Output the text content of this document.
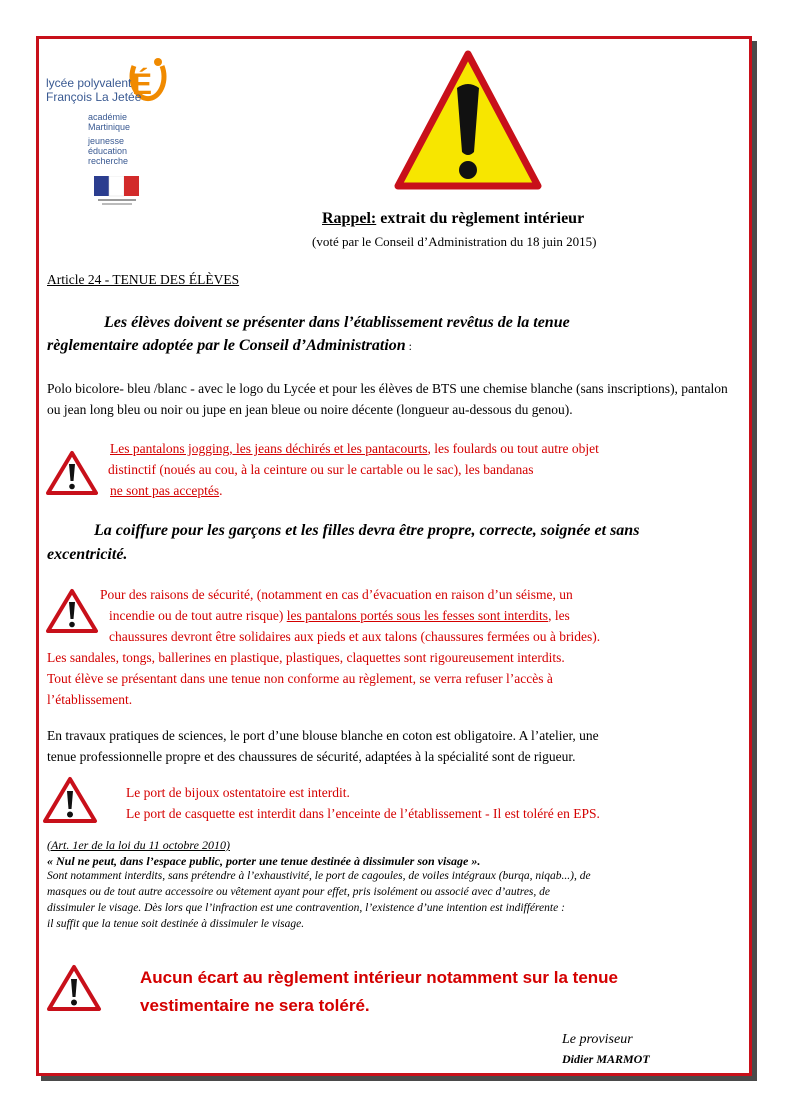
É
lycée polyvalent
François La Jetée
académie
Martinique
jeunesse
éducation
recherche
Rappel: extrait du règlement intérieur
(voté par le Conseil d’Administration du 18 juin 2015)
Article 24 - TENUE DES ÉLÈVES
Les élèves doivent se présenter dans l’établissement revêtus de la tenue
règlementaire adoptée par le Conseil d’Administration :
Polo bicolore- bleu /blanc - avec le logo du Lycée et pour les élèves de BTS une chemise blanche (sans inscriptions), pantalon ou jean long bleu ou noir ou jupe en jean bleue ou noire décente (longueur au-dessous du genou).
Les pantalons jogging, les jeans déchirés et les pantacourts, les foulards ou tout autre objet
distinctif (noués au cou, à la ceinture ou sur le cartable ou le sac), les bandanas
ne sont pas acceptés.
La coiffure pour les garçons et les filles devra être propre, correcte, soignée et sans
excentricité.
Pour des raisons de sécurité, (notamment en cas d’évacuation en raison d’un séisme, un
incendie ou de tout autre risque) les pantalons portés sous les fesses sont interdits, les
chaussures devront être solidaires aux pieds et aux talons (chaussures fermées ou à brides).
Les sandales, tongs, ballerines en plastique, plastiques, claquettes sont rigoureusement interdits.
Tout élève se présentant dans une tenue non conforme au règlement, se verra refuser l’accès à
l’établissement.
En travaux pratiques de sciences, le port d’une blouse blanche en coton est obligatoire. A l’atelier, une
tenue professionnelle propre et des chaussures de sécurité, adaptées à la spécialité sont de rigueur.
Le port de bijoux ostentatoire est interdit.
Le port de casquette est interdit dans l’enceinte de l’établissement - Il est toléré en EPS.
(Art. 1er de la loi du 11 octobre 2010)
« Nul ne peut, dans l’espace public, porter une tenue destinée à dissimuler son visage ».
Sont notamment interdits, sans prétendre à l’exhaustivité, le port de cagoules, de voiles intégraux (burqa, niqab...), de
masques ou de tout autre accessoire ou vêtement ayant pour effet, pris isolément ou associé avec d’autres, de
dissimuler le visage. Dès lors que l’infraction est une contravention, l’existence d’une intention est indifférente :
il suffit que la tenue soit destinée à dissimuler le visage.
Aucun écart au règlement intérieur notamment sur la tenue
vestimentaire ne sera toléré.
Le proviseur
Didier MARMOT
